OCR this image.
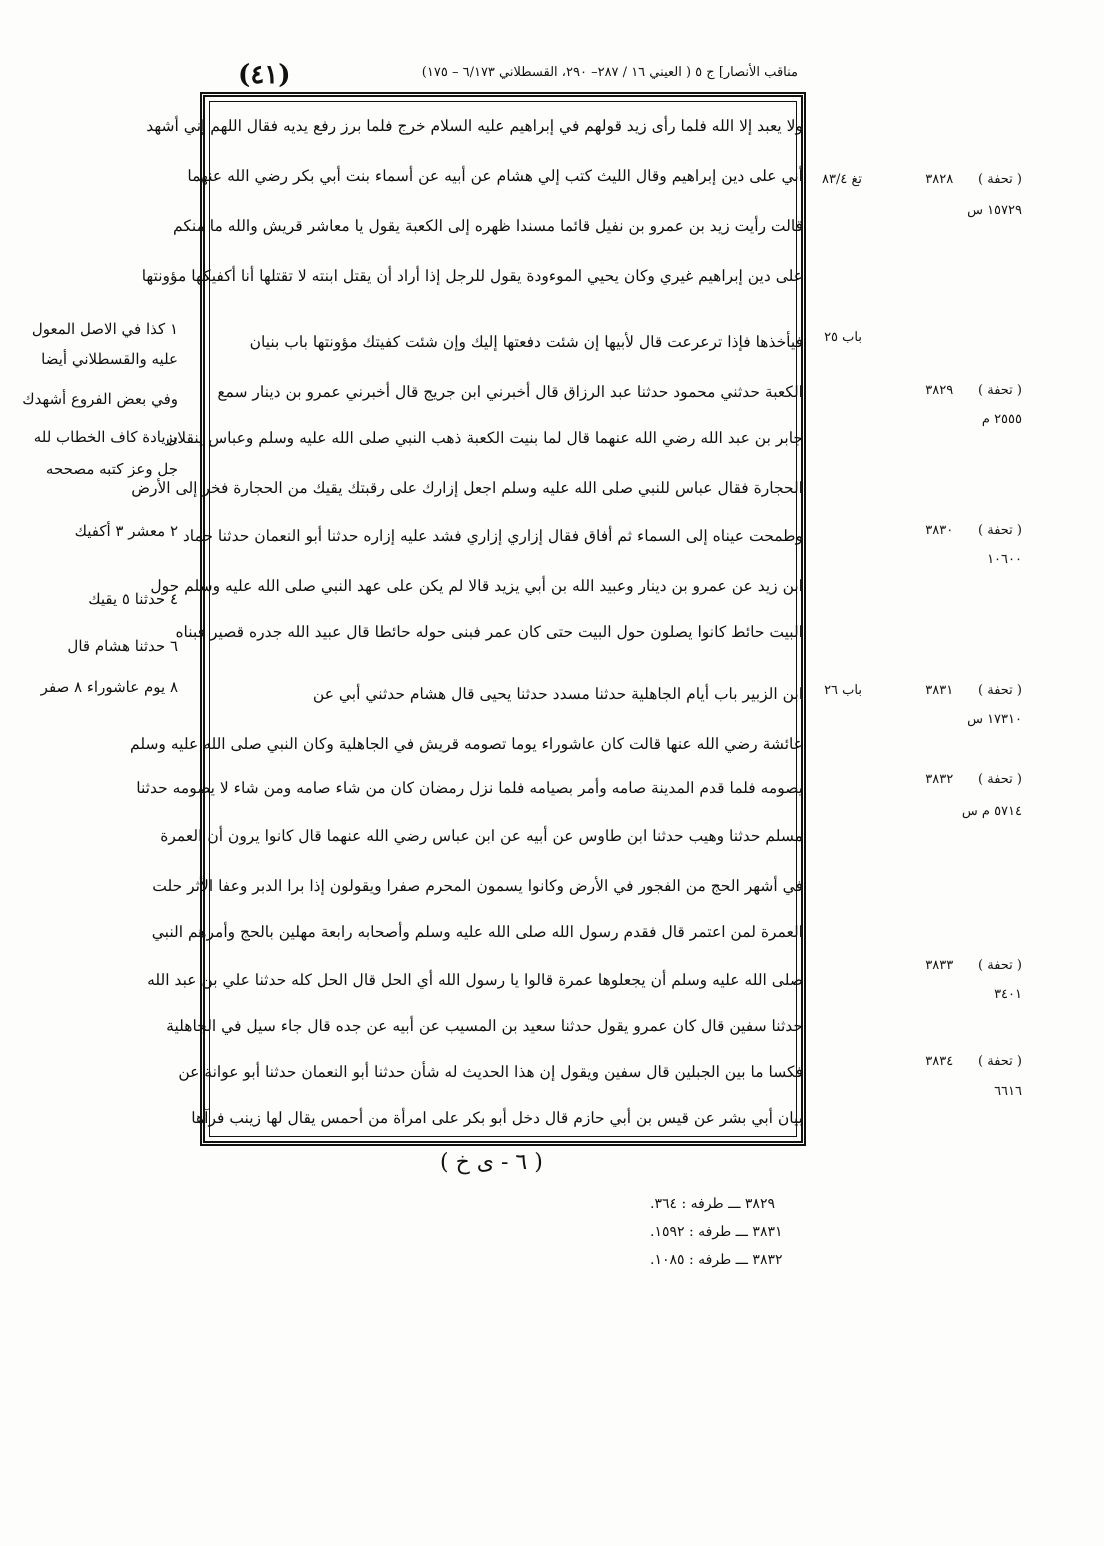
(٤١)	مناقب الأنصار] ج ٥ ( العيني ١٦ / ٢٨٧– ٢٩٠، القسطلاني ٦/١٧٣ – ١٧٥)
ولا يعبد إلا الله فلما رأى زيد قولهم في إبراهيم عليه السلام خرج فلما برز رفع يديه فقال اللهم إني أشهد
أني على دين إبراهيم وقال الليث كتب إلي هشام عن أبيه عن أسماء بنت أبي بكر رضي الله عنهما
قالت رأيت زيد بن عمرو بن نفيل قائما مسندا ظهره إلى الكعبة يقول يا معاشر قريش والله ما منكم
على دين إبراهيم غيري وكان يحيي الموءودة يقول للرجل إذا أراد أن يقتل ابنته لا تقتلها أنا أكفيكها مؤونتها
فيأخذها فإذا ترعرعت قال لأبيها إن شئت دفعتها إليك وإن شئت كفيتك مؤونتها باب بنيان
الكعبة حدثني محمود حدثنا عبد الرزاق قال أخبرني ابن جريج قال أخبرني عمرو بن دينار سمع
جابر بن عبد الله رضي الله عنهما قال لما بنيت الكعبة ذهب النبي صلى الله عليه وسلم وعباس ينقلان
الحجارة فقال عباس للنبي صلى الله عليه وسلم اجعل إزارك على رقبتك يقيك من الحجارة فخر إلى الأرض
وطمحت عيناه إلى السماء ثم أفاق فقال إزاري إزاري فشد عليه إزاره حدثنا أبو النعمان حدثنا حماد
ابن زيد عن عمرو بن دينار وعبيد الله بن أبي يزيد قالا لم يكن على عهد النبي صلى الله عليه وسلم حول
البيت حائط كانوا يصلون حول البيت حتى كان عمر فبنى حوله حائطا قال عبيد الله جدره قصير فبناه
ابن الزبير باب أيام الجاهلية حدثنا مسدد حدثنا يحيى قال هشام حدثني أبي عن
عائشة رضي الله عنها قالت كان عاشوراء يوما تصومه قريش في الجاهلية وكان النبي صلى الله عليه وسلم
يصومه فلما قدم المدينة صامه وأمر بصيامه فلما نزل رمضان كان من شاء صامه ومن شاء لا يصومه حدثنا
مسلم حدثنا وهيب حدثنا ابن طاوس عن أبيه عن ابن عباس رضي الله عنهما قال كانوا يرون أن العمرة
في أشهر الحج من الفجور في الأرض وكانوا يسمون المحرم صفرا ويقولون إذا برا الدبر وعفا الأثر حلت
العمرة لمن اعتمر قال فقدم رسول الله صلى الله عليه وسلم وأصحابه رابعة مهلين بالحج وأمرهم النبي
صلى الله عليه وسلم أن يجعلوها عمرة قالوا يا رسول الله أي الحل قال الحل كله حدثنا علي بن عبد الله
حدثنا سفين قال كان عمرو يقول حدثنا سعيد بن المسيب عن أبيه عن جده قال جاء سيل في الجاهلية
فكسا ما بين الجبلين قال سفين ويقول إن هذا الحديث له شأن حدثنا أبو النعمان حدثنا أبو عوانة عن
بيان أبي بشر عن قيس بن أبي حازم قال دخل أبو بكر على امرأة من أحمس يقال لها زينب فرآها
( تحفة )      ٣٨٢٨
تغ ٨٣/٤
١٥٧٢٩ س
باب ٢٥
( تحفة )      ٣٨٢٩
٢٥٥٥ م
( تحفة )      ٣٨٣٠
١٠٦٠٠
باب ٢٦	( تحفة )      ٣٨٣١
١٧٣١٠ س
( تحفة )      ٣٨٣٢
٥٧١٤ م س
( تحفة )      ٣٨٣٣
٣٤٠١
( تحفة )      ٣٨٣٤
٦٦١٦
١ كذا في الاصل المعول
عليه والقسطلاني أيضا
وفي بعض الفروع أشهدك
بزيادة كاف الخطاب لله
جل وعز كتبه مصححه
٢ معشر ٣ أكفيك
٤ حدثنا ٥ يقيك
٦ حدثنا هشام قال
٨ يوم عاشوراء ٨ صفر
( ٦ - ى خ )
٣٨٢٩ ـــ طرفه : ٣٦٤.
٣٨٣١ ـــ طرفه : ١٥٩٢.
٣٨٣٢ ـــ طرفه : ١٠٨٥.
